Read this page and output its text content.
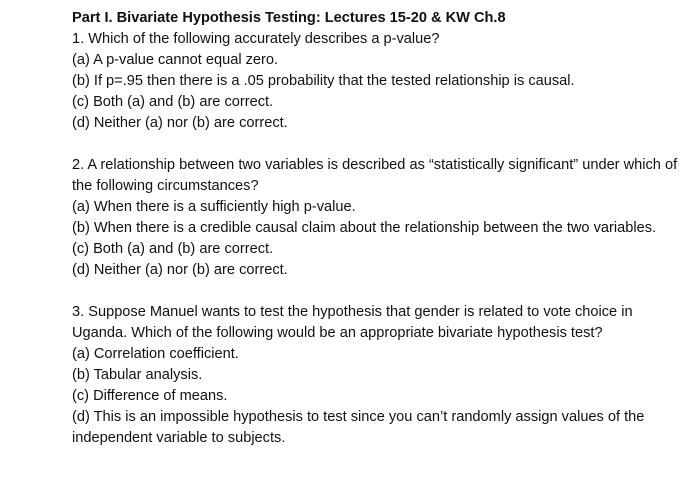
Part I. Bivariate Hypothesis Testing: Lectures 15-20 & KW Ch.8

1. Which of the following accurately describes a p-value?

(a) A p-value cannot equal zero.

(b) If p=.95 then there is a .05 probability that the tested relationship is causal.

(c) Both (a) and (b) are correct.

(d) Neither (a) nor (b) are correct.

2. A relationship between two variables is described as “statistically significant” under which of the following circumstances?

(a) When there is a sufficiently high p-value.

(b) When there is a credible causal claim about the relationship between the two variables.

(c) Both (a) and (b) are correct.

(d) Neither (a) nor (b) are correct.

3. Suppose Manuel wants to test the hypothesis that gender is related to vote choice in Uganda. Which of the following would be an appropriate bivariate hypothesis test?

(a) Correlation coefficient.

(b) Tabular analysis.

(c) Difference of means.

(d) This is an impossible hypothesis to test since you can’t randomly assign values of the independent variable to subjects.
